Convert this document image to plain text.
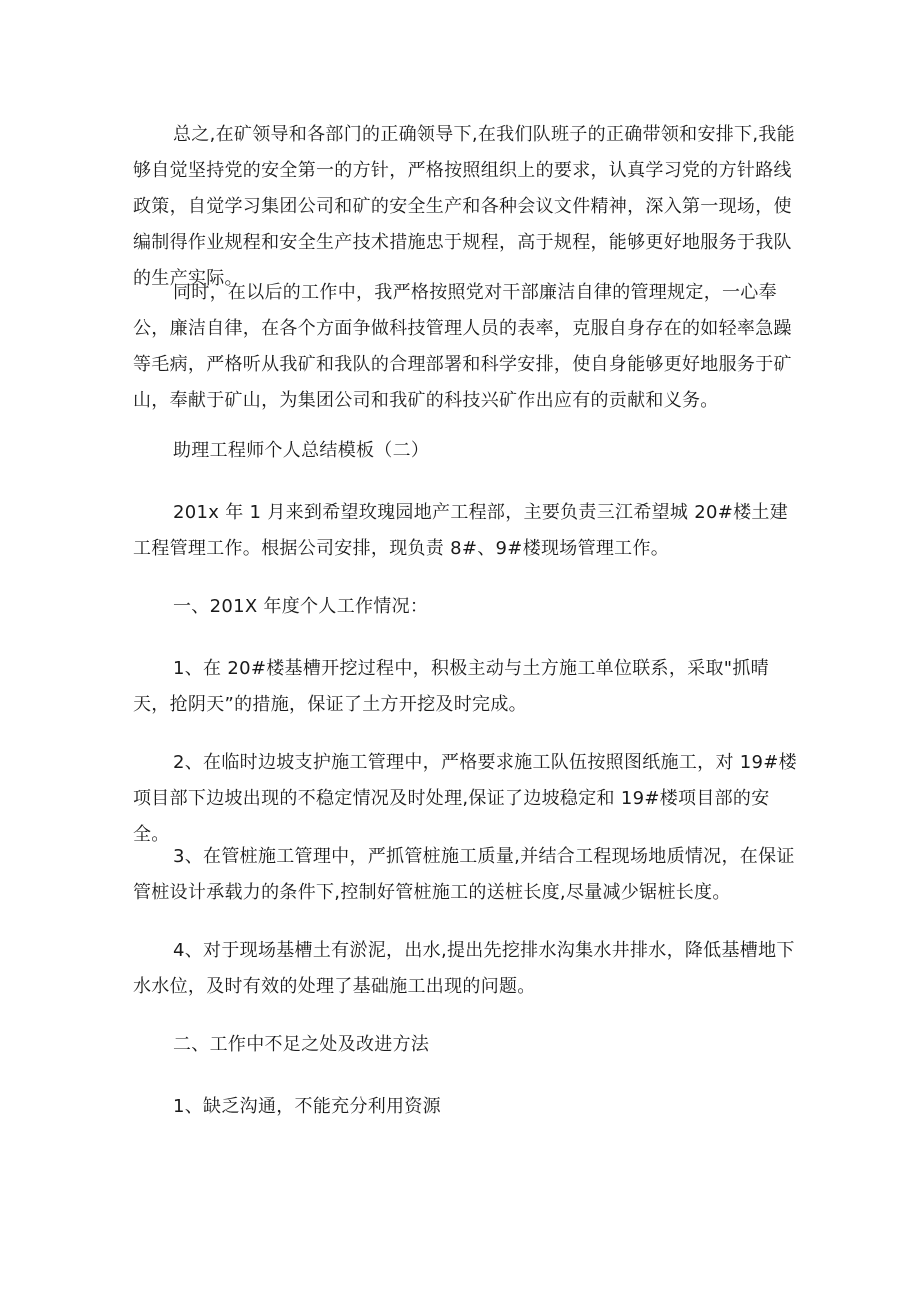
总之,在矿领导和各部门的正确领导下,在我们队班子的正确带领和安排下,我能够自觉坚持党的安全第一的方针，严格按照组织上的要求，认真学习党的方针路线政策，自觉学习集团公司和矿的安全生产和各种会议文件精神，深入第一现场，使编制得作业规程和安全生产技术措施忠于规程，高于规程，能够更好地服务于我队的生产实际。

同时，在以后的工作中，我严格按照党对干部廉洁自律的管理规定，一心奉公，廉洁自律，在各个方面争做科技管理人员的表率，克服自身存在的如轻率急躁等毛病，严格听从我矿和我队的合理部署和科学安排，使自身能够更好地服务于矿山，奉献于矿山，为集团公司和我矿的科技兴矿作出应有的贡献和义务。

助理工程师个人总结模板（二）

201x 年 1 月来到希望玫瑰园地产工程部，主要负责三江希望城 20#楼土建工程管理工作。根据公司安排，现负责 8#、9#楼现场管理工作。

一、201X 年度个人工作情况：

1、在 20#楼基槽开挖过程中，积极主动与土方施工单位联系，采取"抓晴天，抢阴天”的措施，保证了土方开挖及时完成。

2、在临时边坡支护施工管理中，严格要求施工队伍按照图纸施工，对 19#楼项目部下边坡出现的不稳定情况及时处理,保证了边坡稳定和 19#楼项目部的安全。

3、在管桩施工管理中，严抓管桩施工质量,并结合工程现场地质情况，在保证管桩设计承载力的条件下,控制好管桩施工的送桩长度,尽量减少锯桩长度。

4、对于现场基槽土有淤泥，出水,提出先挖排水沟集水井排水，降低基槽地下水水位，及时有效的处理了基础施工出现的问题。

二、工作中不足之处及改进方法

1、缺乏沟通，不能充分利用资源
